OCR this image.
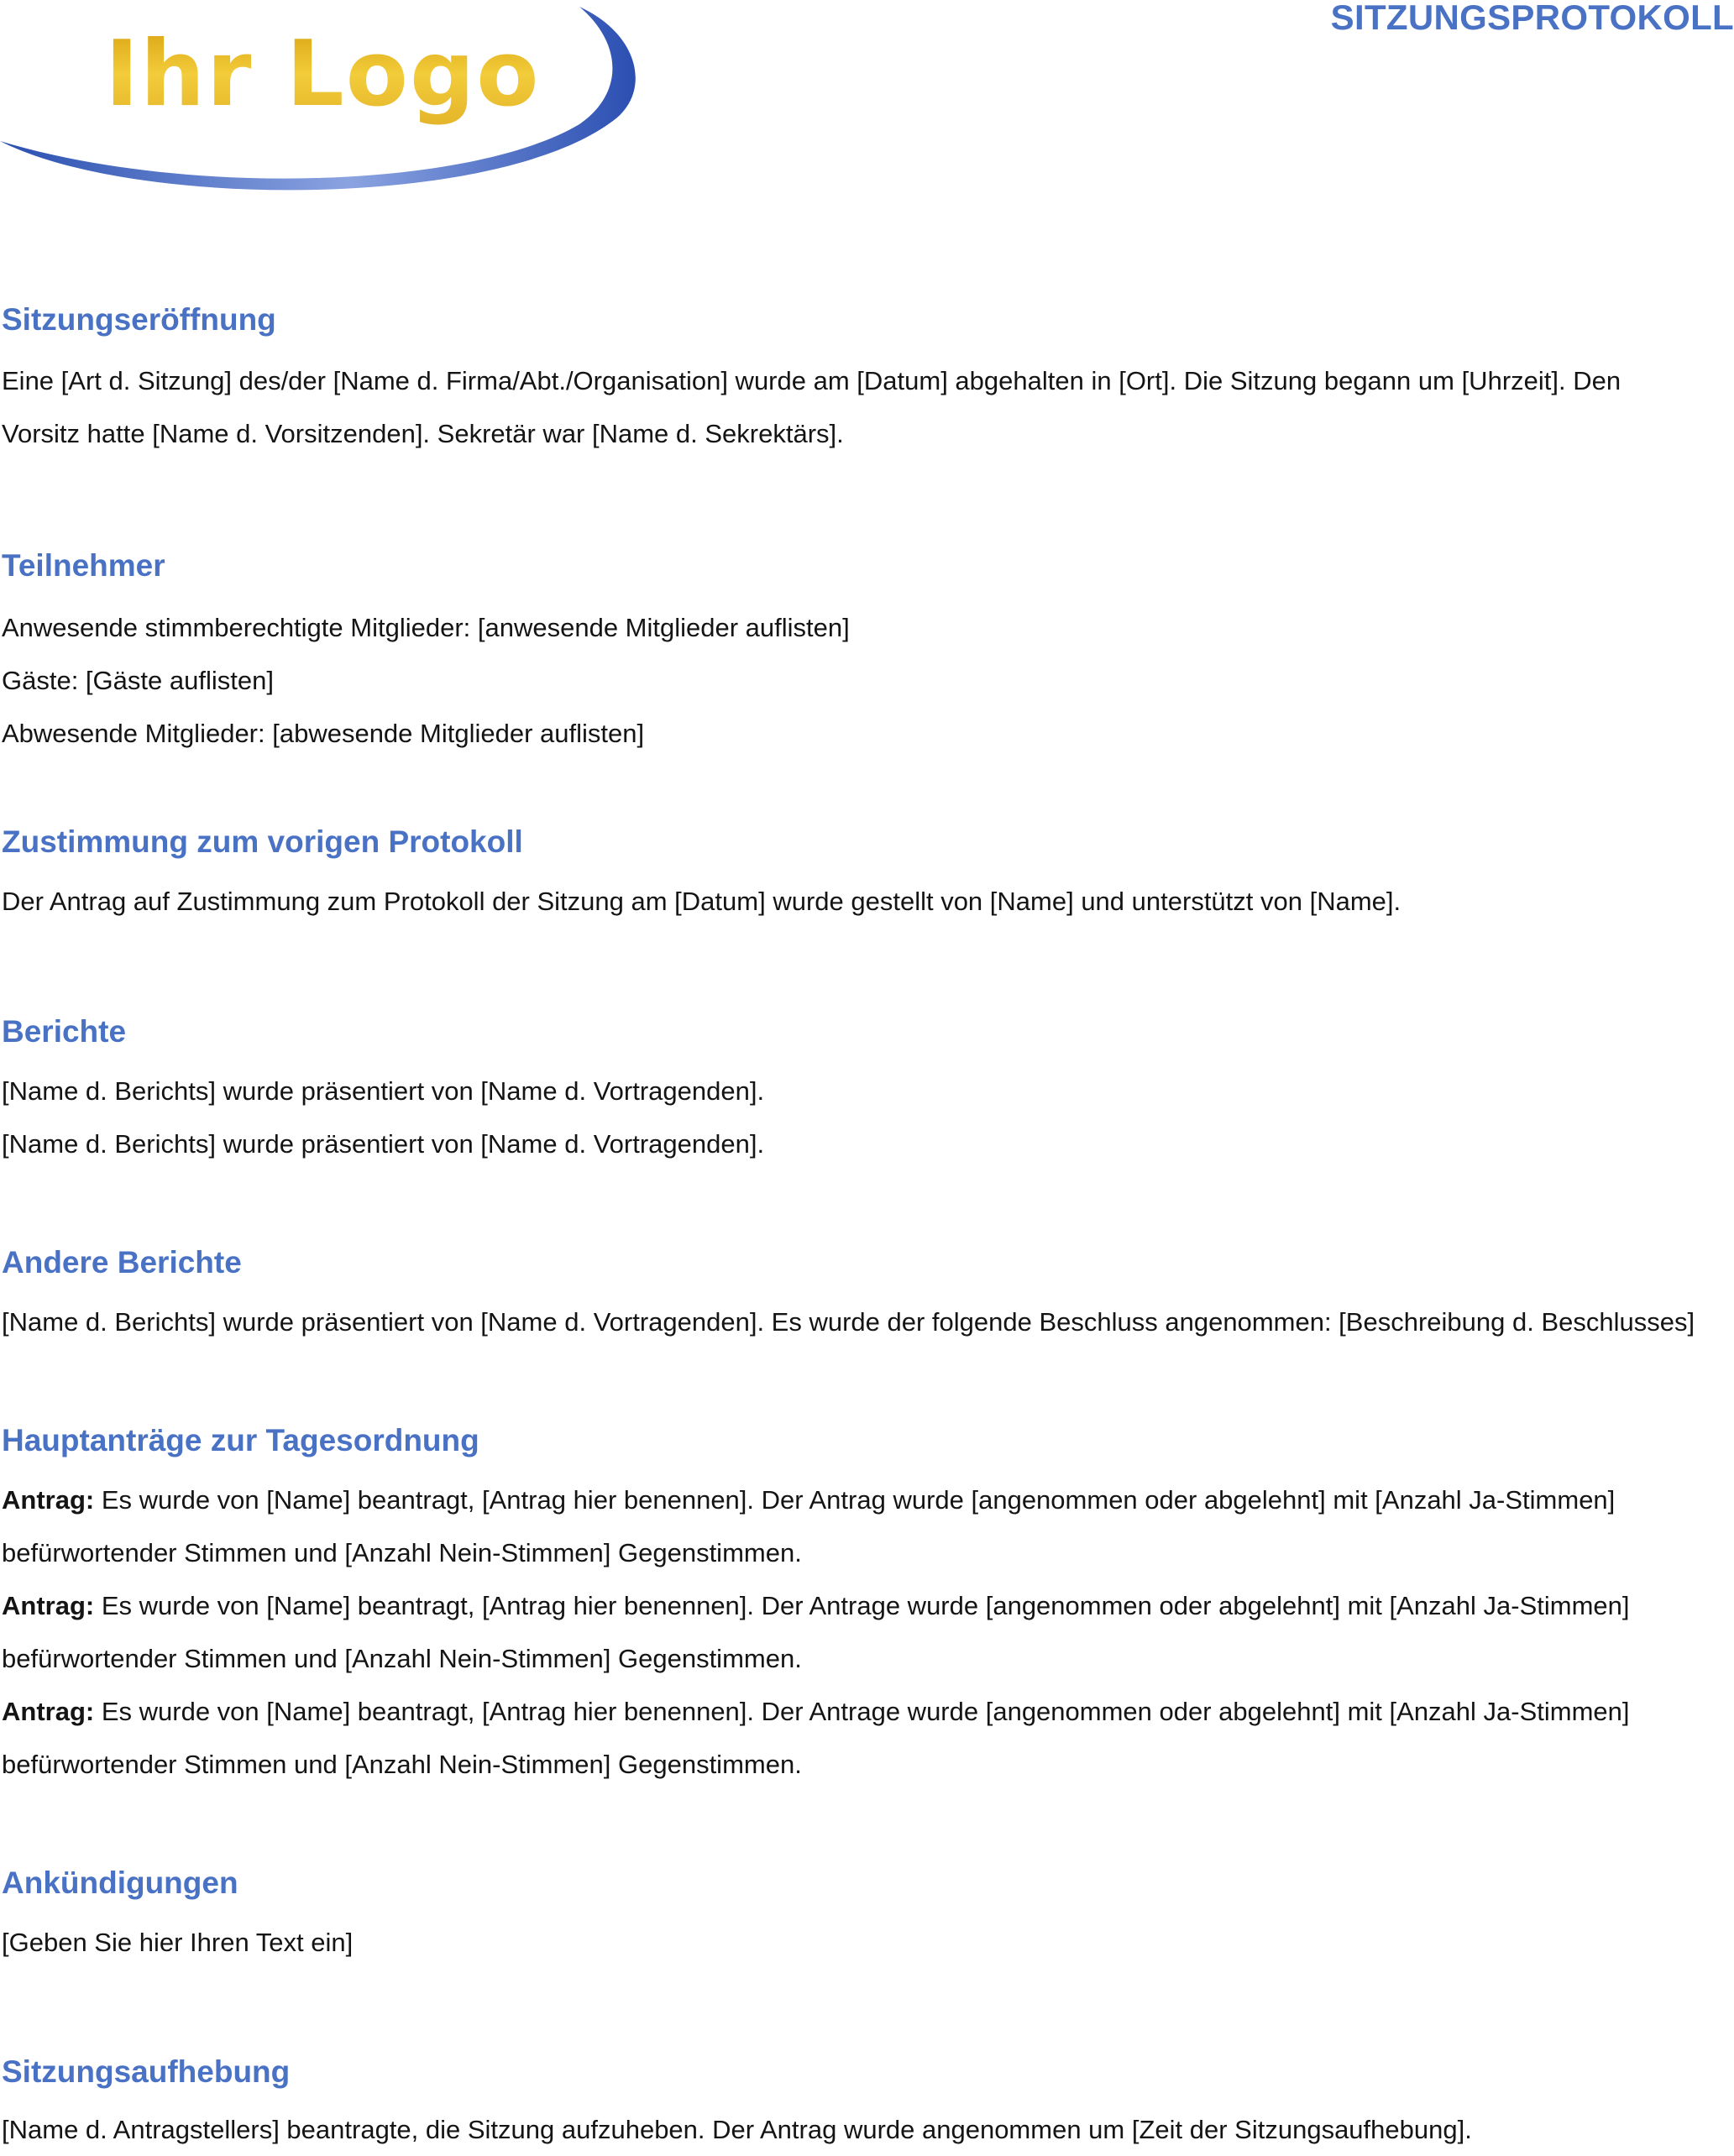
Ihr Logo
SITZUNGSPROTOKOLL
Sitzungseröffnung

Eine [Art d. Sitzung] des/der [Name d. Firma/Abt./Organisation] wurde am [Datum] abgehalten in [Ort]. Die Sitzung begann um [Uhrzeit]. Den

Vorsitz hatte [Name d. Vorsitzenden]. Sekretär war [Name d. Sekrektärs].

Teilnehmer

Anwesende stimmberechtigte Mitglieder: [anwesende Mitglieder auflisten]

Gäste: [Gäste auflisten]

Abwesende Mitglieder: [abwesende Mitglieder auflisten]

Zustimmung zum vorigen Protokoll

Der Antrag auf Zustimmung zum Protokoll der Sitzung am [Datum] wurde gestellt von [Name] und unterstützt von [Name].

Berichte

[Name d. Berichts] wurde präsentiert von [Name d. Vortragenden].

[Name d. Berichts] wurde präsentiert von [Name d. Vortragenden].

Andere Berichte

[Name d. Berichts] wurde präsentiert von [Name d. Vortragenden]. Es wurde der folgende Beschluss angenommen: [Beschreibung d. Beschlusses]

Hauptanträge zur Tagesordnung

Antrag: Es wurde von [Name] beantragt, [Antrag hier benennen]. Der Antrag wurde [angenommen oder abgelehnt] mit [Anzahl Ja-Stimmen]

befürwortender Stimmen und [Anzahl Nein-Stimmen] Gegenstimmen.

Antrag: Es wurde von [Name] beantragt, [Antrag hier benennen]. Der Antrage wurde [angenommen oder abgelehnt] mit [Anzahl Ja-Stimmen]

befürwortender Stimmen und [Anzahl Nein-Stimmen] Gegenstimmen.

Antrag: Es wurde von [Name] beantragt, [Antrag hier benennen]. Der Antrage wurde [angenommen oder abgelehnt] mit [Anzahl Ja-Stimmen]

befürwortender Stimmen und [Anzahl Nein-Stimmen] Gegenstimmen.

Ankündigungen

[Geben Sie hier Ihren Text ein]

Sitzungsaufhebung

[Name d. Antragstellers] beantragte, die Sitzung aufzuheben. Der Antrag wurde angenommen um [Zeit der Sitzungsaufhebung].
